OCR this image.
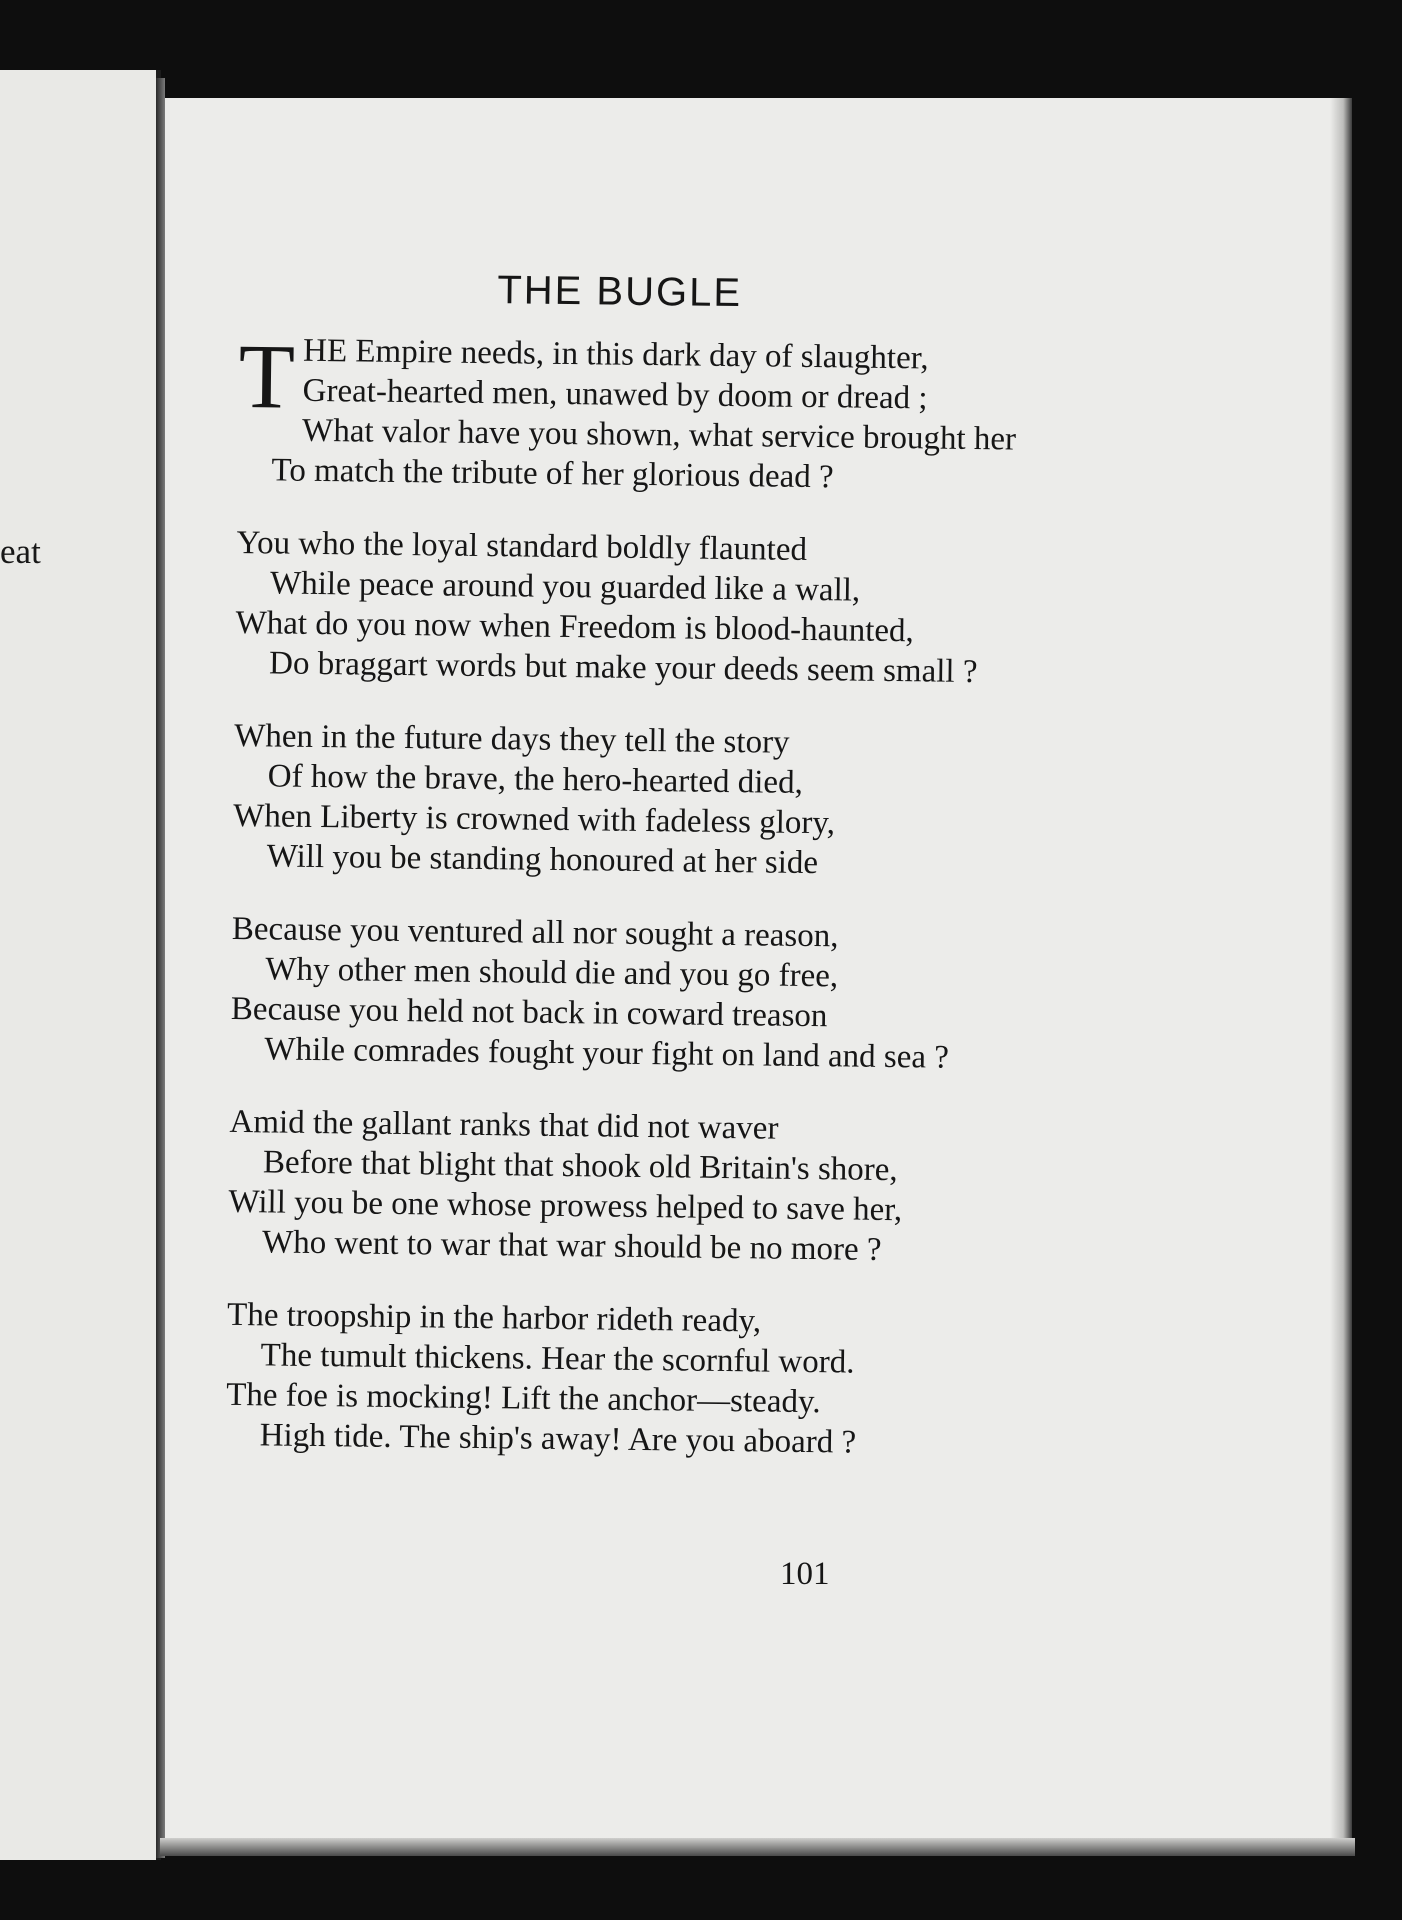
eat
101
THE BUGLE
T HE Empire needs, in this dark day of slaughter,

Great-hearted men, unawed by doom or dread ;

What valor have you shown, what service brought her

To match the tribute of her glorious dead ?

You who the loyal standard boldly flaunted

While peace around you guarded like a wall,

What do you now when Freedom is blood-haunted,

Do braggart words but make your deeds seem small ?

When in the future days they tell the story

Of how the brave, the hero-hearted died,

When Liberty is crowned with fadeless glory,

Will you be standing honoured at her side

Because you ventured all nor sought a reason,

Why other men should die and you go free,

Because you held not back in coward treason

While comrades fought your fight on land and sea ?

Amid the gallant ranks that did not waver

Before that blight that shook old Britain's shore,

Will you be one whose prowess helped to save her,

Who went to war that war should be no more ?

The troopship in the harbor rideth ready,

The tumult thickens. Hear the scornful word.

The foe is mocking! Lift the anchor—steady.

High tide. The ship's away! Are you aboard ?
